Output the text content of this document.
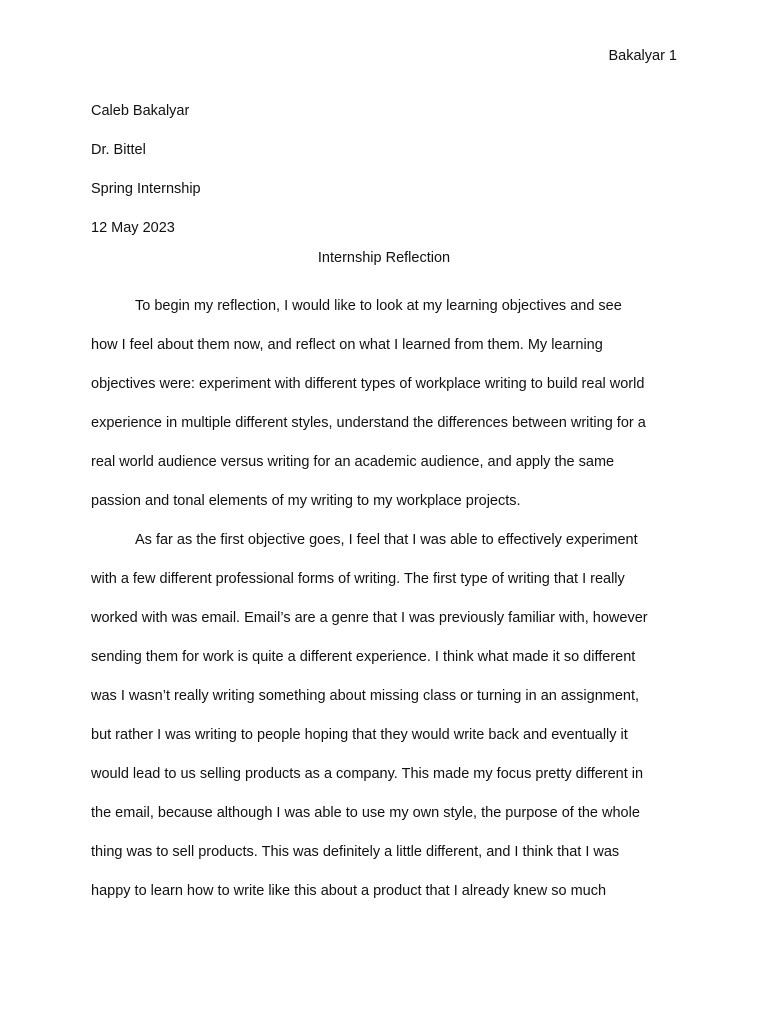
Bakalyar 1
Caleb Bakalyar
Dr. Bittel
Spring Internship
12 May 2023
Internship Reflection
To begin my reflection, I would like to look at my learning objectives and see
how I feel about them now, and reflect on what I learned from them. My learning
objectives were: experiment with different types of workplace writing to build real world
experience in multiple different styles, understand the differences between writing for a
real world audience versus writing for an academic audience, and apply the same
passion and tonal elements of my writing to my workplace projects.
As far as the first objective goes, I feel that I was able to effectively experiment
with a few different professional forms of writing. The first type of writing that I really
worked with was email. Email’s are a genre that I was previously familiar with, however
sending them for work is quite a different experience. I think what made it so different
was I wasn’t really writing something about missing class or turning in an assignment,
but rather I was writing to people hoping that they would write back and eventually it
would lead to us selling products as a company. This made my focus pretty different in
the email, because although I was able to use my own style, the purpose of the whole
thing was to sell products. This was definitely a little different, and I think that I was
happy to learn how to write like this about a product that I already knew so much
